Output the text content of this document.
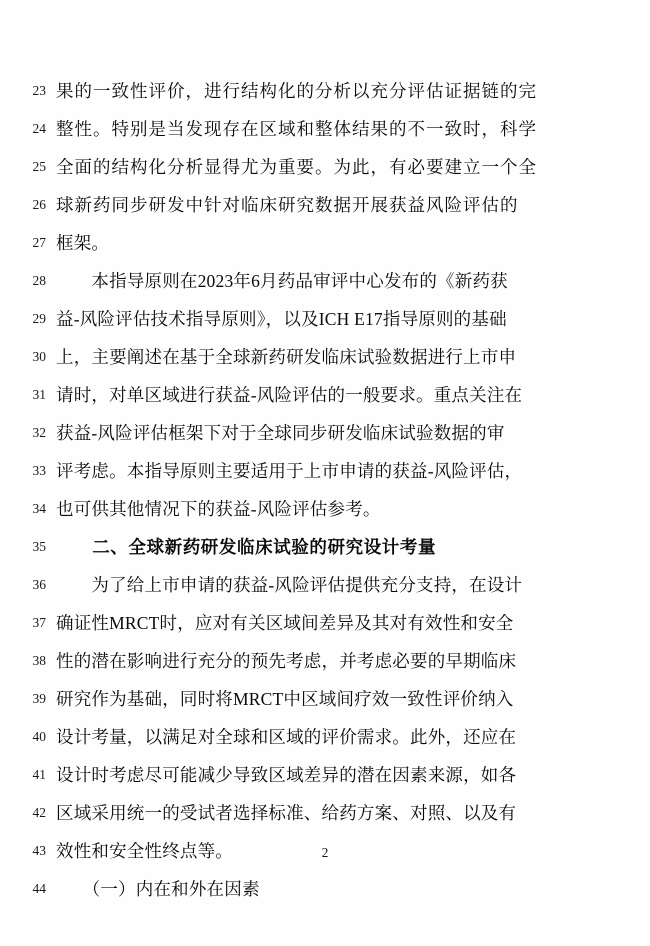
23 果的一致性评价，进行结构化的分析以充分评估证据链的完
24 整性。特别是当发现存在区域和整体结果的不一致时，科学
25 全面的结构化分析显得尤为重要。为此，有必要建立一个全
26 球新药同步研发中针对临床研究数据开展获益风险评估的
27 框架。
28 　　本指导原则在2023年6月药品审评中心发布的《新药获
29 益-风险评估技术指导原则》，以及ICH E17指导原则的基础
30 上，主要阐述在基于全球新药研发临床试验数据进行上市申
31 请时，对单区域进行获益-风险评估的一般要求。重点关注在
32 获益-风险评估框架下对于全球同步研发临床试验数据的审
33 评考虑。本指导原则主要适用于上市申请的获益-风险评估，
34 也可供其他情况下的获益-风险评估参考。
35 　　二、全球新药研发临床试验的研究设计考量
36 　　为了给上市申请的获益-风险评估提供充分支持，在设计
37 确证性MRCT时，应对有关区域间差异及其对有效性和安全
38 性的潜在影响进行充分的预先考虑，并考虑必要的早期临床
39 研究作为基础，同时将MRCT中区域间疗效一致性评价纳入
40 设计考量，以满足对全球和区域的评价需求。此外，还应在
41 设计时考虑尽可能减少导致区域差异的潜在因素来源，如各
42 区域采用统一的受试者选择标准、给药方案、对照、以及有
43 效性和安全性终点等。
44 　　（一）内在和外在因素
2
